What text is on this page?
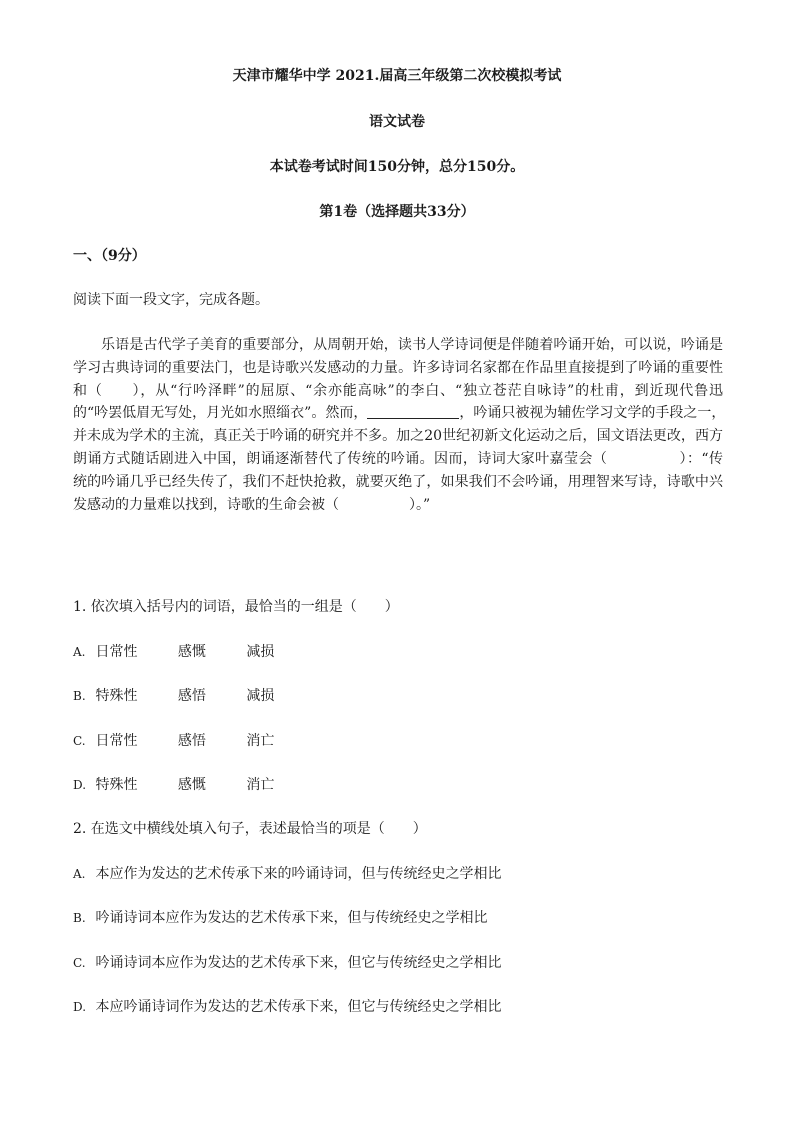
天津市耀华中学 2021.届高三年级第二次校模拟考试
语文试卷
本试卷考试时间150分钟，总分150分。
第1卷（选择题共33分）
一、（9分）
阅读下面一段文字，完成各题。
乐语是古代学子美育的重要部分，从周朝开始，读书人学诗词便是伴随着吟诵开始，可以说，吟诵是
学习古典诗词的重要法门，也是诗歌兴发感动的力量。许多诗词名家都在作品里直接提到了吟诵的重要性
和（　　），从“行吟泽畔”的屈原、“余亦能高咏”的李白、“独立苍茫自咏诗”的杜甫，到近现代鲁迅
的“吟罢低眉无写处，月光如水照缁衣”。然而，	，吟诵只被视为辅佐学习文学的手段之一，
并未成为学术的主流，真正关于吟诵的研究并不多。加之20世纪初新文化运动之后，国文语法更改，西方
朗诵方式随话剧进入中国，朗诵逐渐替代了传统的吟诵。因而，诗词大家叶嘉莹会（　　　　　）：“传
统的吟诵几乎已经失传了，我们不赶快抢救，就要灭绝了，如果我们不会吟诵，用理智来写诗，诗歌中兴
发感动的力量难以找到，诗歌的生命会被（　　　　　）。”
1. 依次填入括号内的词语，最恰当的一组是（　　）
A. 日常性	感慨	减损
B. 特殊性	感悟	减损
C. 日常性	感悟	消亡
D. 特殊性	感慨	消亡
2. 在选文中横线处填入句子，表述最恰当的项是（　　）
A. 本应作为发达的艺术传承下来的吟诵诗词，但与传统经史之学相比
B. 吟诵诗词本应作为发达的艺术传承下来，但与传统经史之学相比
C. 吟诵诗词本应作为发达的艺术传承下来，但它与传统经史之学相比
D. 本应吟诵诗词作为发达的艺术传承下来，但它与传统经史之学相比
